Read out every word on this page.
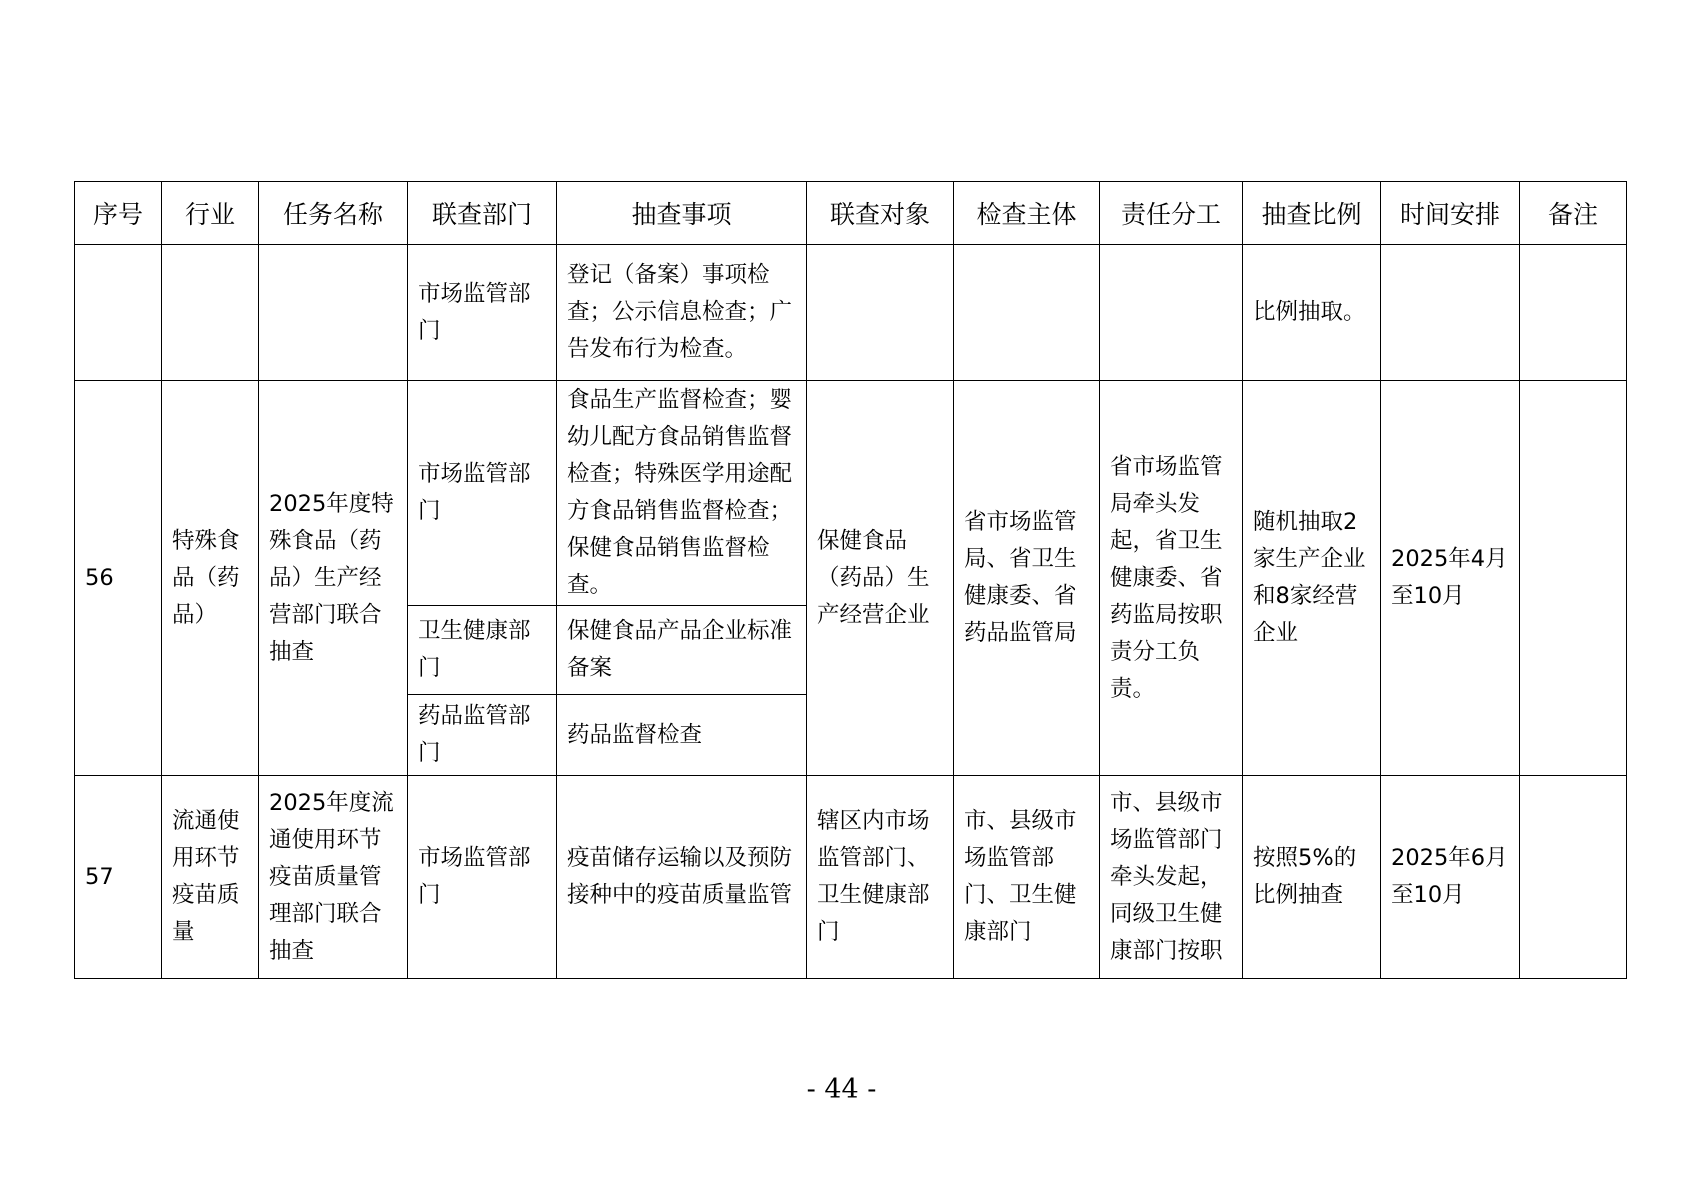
序号	行业	任务名称	联查部门	抽查事项	联查对象	检查主体	责任分工	抽查比例	时间安排	备注
			市场监管部门	登记（备案）事项检查；公示信息检查；广告发布行为检查。				比例抽取。		
56	特殊食品（药品）	2025年度特殊食品（药品）生产经营部门联合抽查	市场监管部门	食品生产监督检查；婴幼儿配方食品销售监督检查；特殊医学用途配方食品销售监督检查；保健食品销售监督检查。	保健食品（药品）生产经营企业	省市场监管局、省卫生健康委、省药品监管局	省市场监管局牵头发起，省卫生健康委、省药监局按职责分工负责。	随机抽取2家生产企业和8家经营企业	2025年4月至10月	
			卫生健康部门	保健食品产品企业标准备案						
			药品监管部门	药品监督检查						
57	流通使用环节疫苗质量	2025年度流通使用环节疫苗质量管理部门联合抽查	市场监管部门	疫苗储存运输以及预防接种中的疫苗质量监管	辖区内市场监管部门、卫生健康部门	市、县级市场监管部门、卫生健康部门	市、县级市场监管部门牵头发起，同级卫生健康部门按职	按照5%的比例抽查	2025年6月至10月	
- 44 -
